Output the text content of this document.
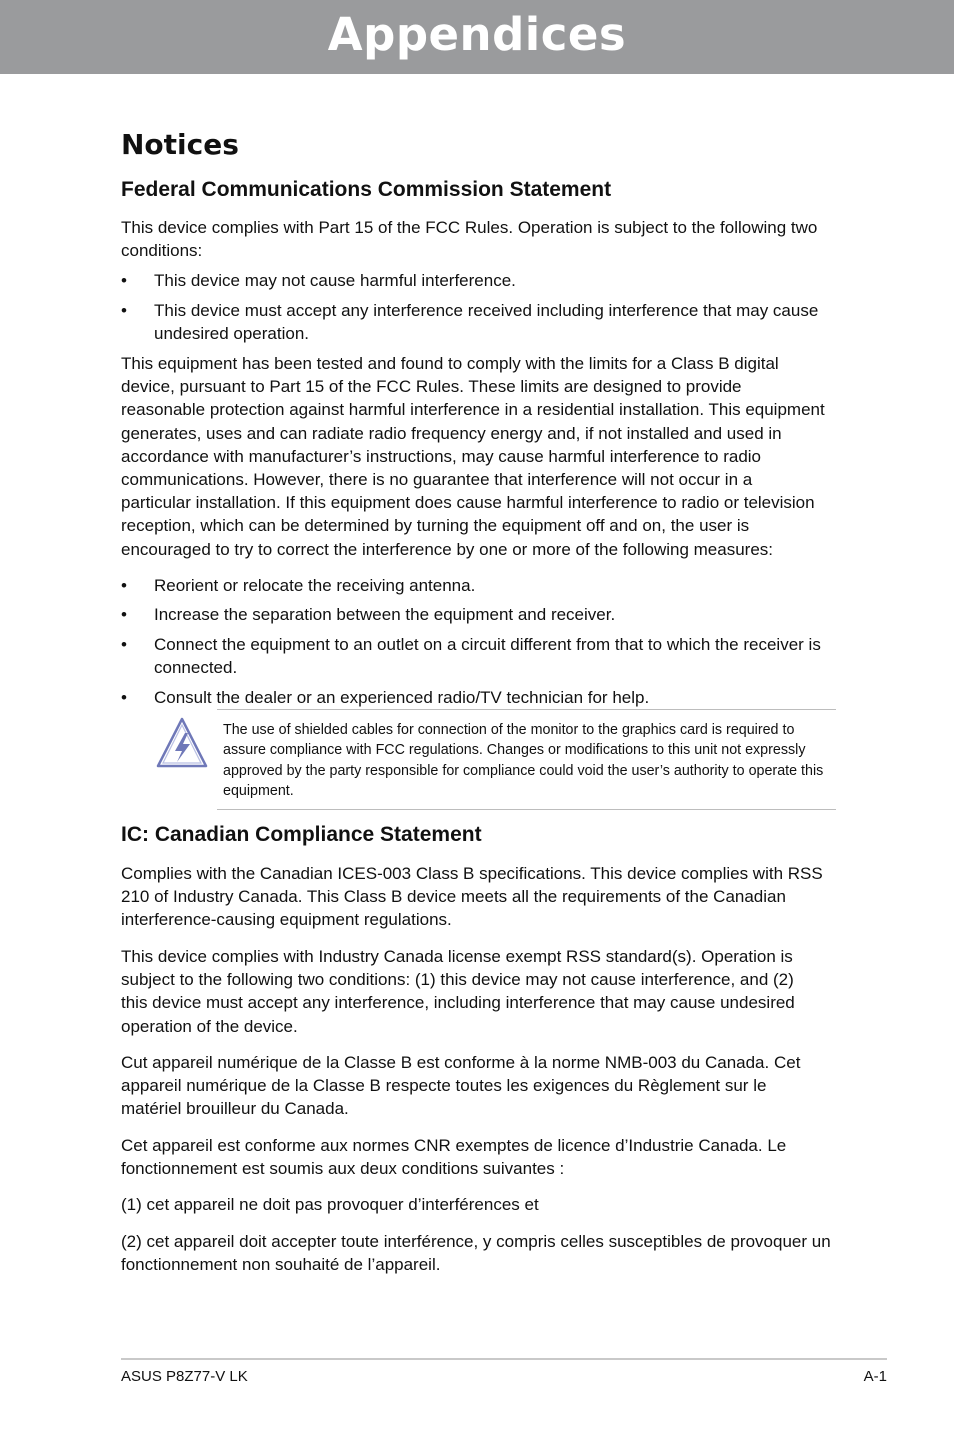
Appendices
Notices
Federal Communications Commission Statement

This device complies with Part 15 of the FCC Rules. Operation is subject to the following two conditions:

• This device may not cause harmful interference.
• This device must accept any interference received including interference that may cause undesired operation.

This equipment has been tested and found to comply with the limits for a Class B digital device, pursuant to Part 15 of the FCC Rules. These limits are designed to provide reasonable protection against harmful interference in a residential installation. This equipment generates, uses and can radiate radio frequency energy and, if not installed and used in accordance with manufacturer’s instructions, may cause harmful interference to radio communications. However, there is no guarantee that interference will not occur in a particular installation. If this equipment does cause harmful interference to radio or television reception, which can be determined by turning the equipment off and on, the user is encouraged to try to correct the interference by one or more of the following measures:

• Reorient or relocate the receiving antenna.
• Increase the separation between the equipment and receiver.
• Connect the equipment to an outlet on a circuit different from that to which the receiver is connected.
• Consult the dealer or an experienced radio/TV technician for help.
The use of shielded cables for connection of the monitor to the graphics card is required to assure compliance with FCC regulations. Changes or modifications to this unit not expressly approved by the party responsible for compliance could void the user’s authority to operate this equipment.
IC: Canadian Compliance Statement

Complies with the Canadian ICES-003 Class B specifications. This device complies with RSS 210 of Industry Canada. This Class B device meets all the requirements of the Canadian interference-causing equipment regulations.

This device complies with Industry Canada license exempt RSS standard(s). Operation is subject to the following two conditions: (1) this device may not cause interference, and (2) this device must accept any interference, including interference that may cause undesired operation of the device.

Cut appareil numérique de la Classe B est conforme à la norme NMB-003 du Canada. Cet appareil numérique de la Classe B respecte toutes les exigences du Règlement sur le matériel brouilleur du Canada.

Cet appareil est conforme aux normes CNR exemptes de licence d’Industrie Canada. Le fonctionnement est soumis aux deux conditions suivantes :

(1) cet appareil ne doit pas provoquer d’interférences et

(2) cet appareil doit accepter toute interférence, y compris celles susceptibles de provoquer un fonctionnement non souhaité de l’appareil.

ASUS P8Z77-V LK	A-1
